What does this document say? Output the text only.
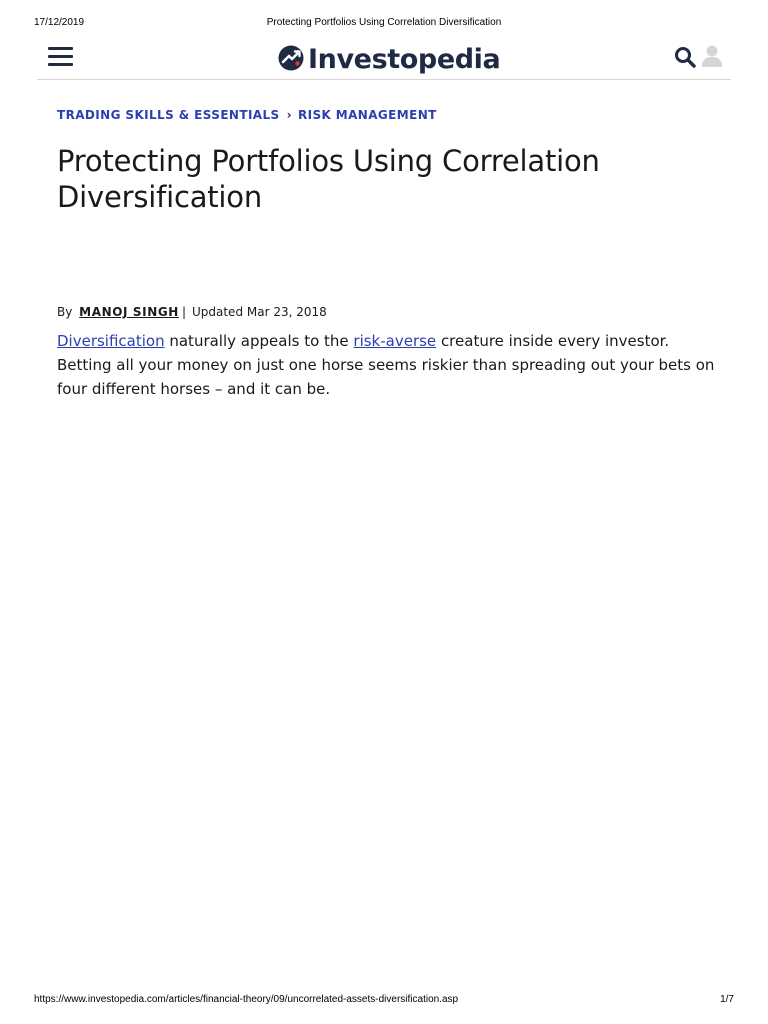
17/12/2019	Protecting Portfolios Using Correlation Diversification
Investopedia
TRADING SKILLS & ESSENTIALS › RISK MANAGEMENT
Protecting Portfolios Using Correlation Diversification
By MANOJ SINGH | Updated Mar 23, 2018

Diversification naturally appeals to the risk-averse creature inside every investor. Betting all your money on just one horse seems riskier than spreading out your bets on four different horses – and it can be.

https://www.investopedia.com/articles/financial-theory/09/uncorrelated-assets-diversification.asp	1/7
